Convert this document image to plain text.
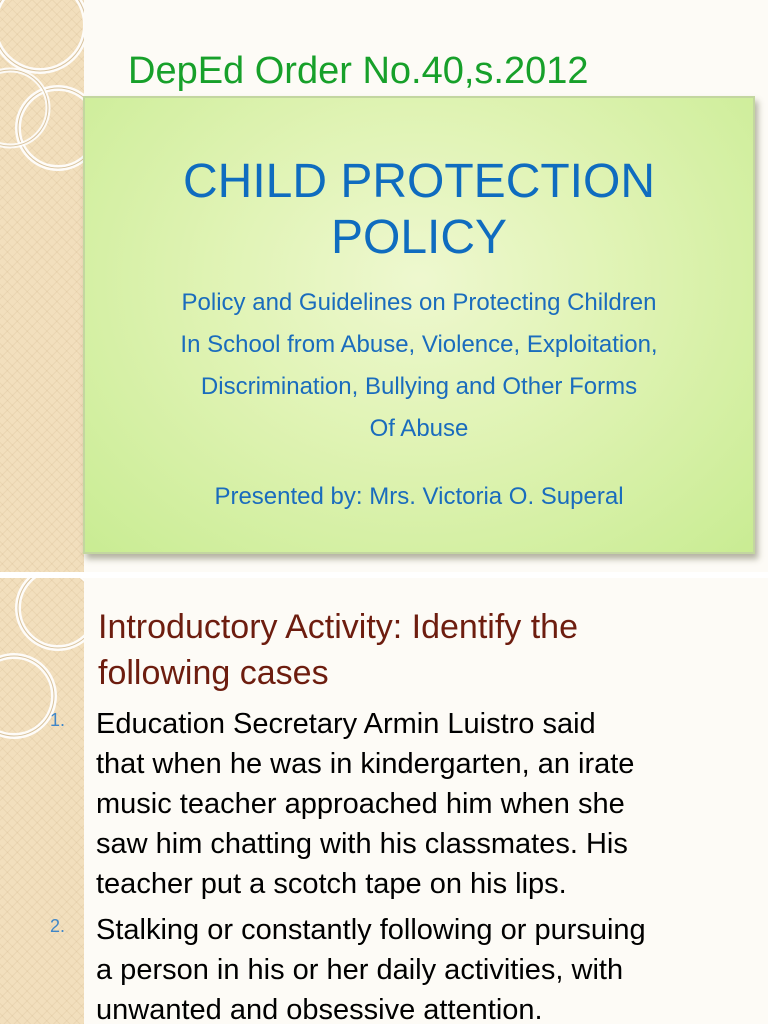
DepEd Order No.40,s.2012
CHILD PROTECTION
POLICY

Policy and Guidelines on Protecting Children
In School from Abuse, Violence, Exploitation,
Discrimination, Bullying and Other Forms
Of Abuse

Presented by: Mrs. Victoria O. Superal

Introductory Activity: Identify the
following cases
1. Education Secretary Armin Luistro said
that when he was in kindergarten, an irate
music teacher approached him when she
saw him chatting with his classmates. His
teacher put a scotch tape on his lips.
2. Stalking or constantly following or pursuing
a person in his or her daily activities, with
unwanted and obsessive attention.
